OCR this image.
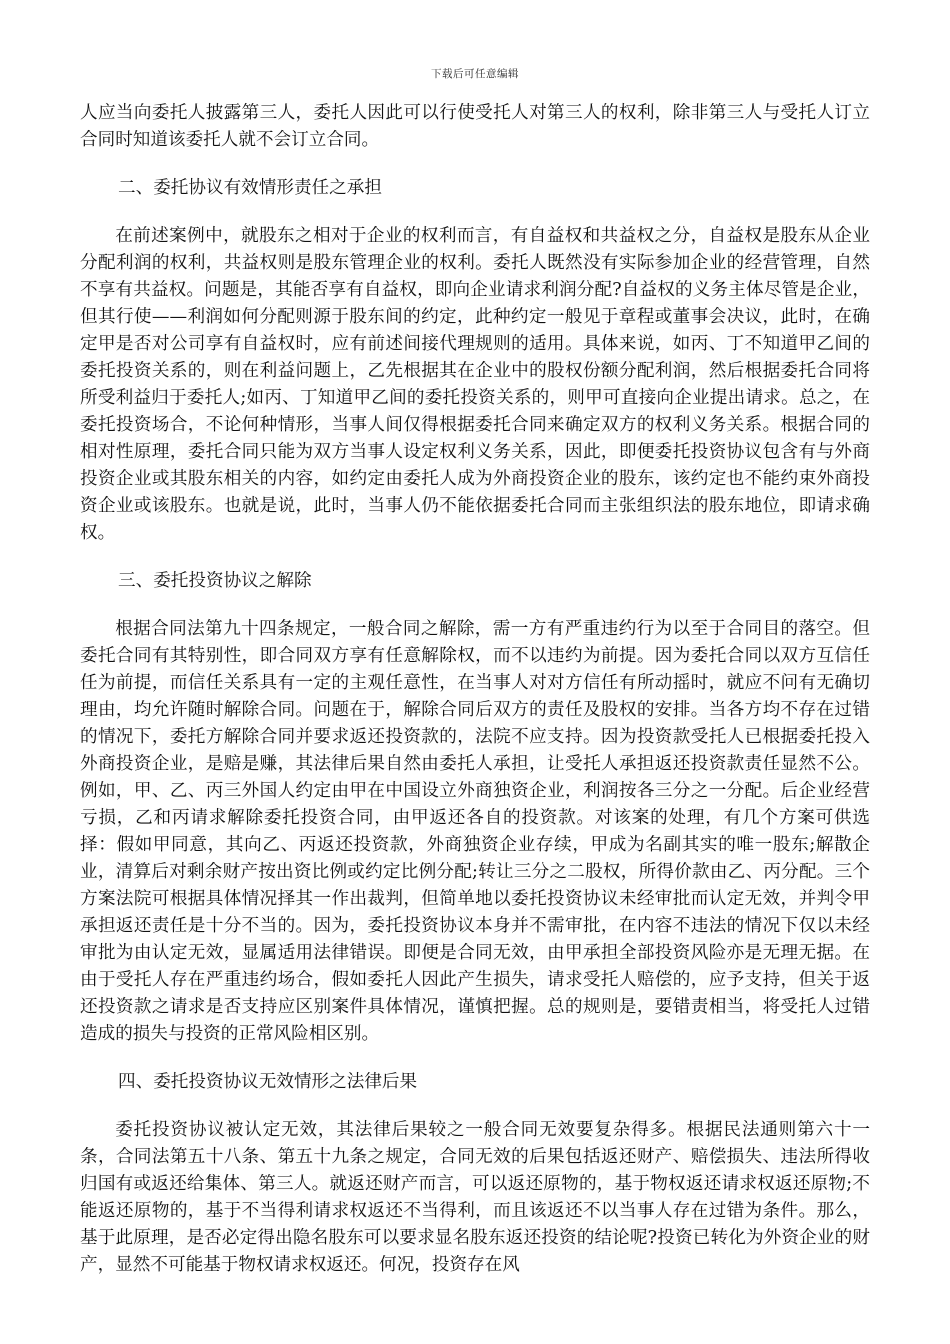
下载后可任意编辑

人应当向委托人披露第三人，委托人因此可以行使受托人对第三人的权利，除非第三人与受托人订立合同时知道该委托人就不会订立合同。

二、委托协议有效情形责任之承担

在前述案例中，就股东之相对于企业的权利而言，有自益权和共益权之分，自益权是股东从企业分配利润的权利，共益权则是股东管理企业的权利。委托人既然没有实际参加企业的经营管理，自然不享有共益权。问题是，其能否享有自益权，即向企业请求利润分配?自益权的义务主体尽管是企业，但其行使——利润如何分配则源于股东间的约定，此种约定一般见于章程或董事会决议，此时，在确定甲是否对公司享有自益权时，应有前述间接代理规则的适用。具体来说，如丙、丁不知道甲乙间的委托投资关系的，则在利益问题上，乙先根据其在企业中的股权份额分配利润，然后根据委托合同将所受利益归于委托人;如丙、丁知道甲乙间的委托投资关系的，则甲可直接向企业提出请求。总之，在委托投资场合，不论何种情形，当事人间仅得根据委托合同来确定双方的权利义务关系。根据合同的相对性原理，委托合同只能为双方当事人设定权利义务关系，因此，即便委托投资协议包含有与外商投资企业或其股东相关的内容，如约定由委托人成为外商投资企业的股东，该约定也不能约束外商投资企业或该股东。也就是说，此时，当事人仍不能依据委托合同而主张组织法的股东地位，即请求确权。

三、委托投资协议之解除

根据合同法第九十四条规定，一般合同之解除，需一方有严重违约行为以至于合同目的落空。但委托合同有其特别性，即合同双方享有任意解除权，而不以违约为前提。因为委托合同以双方互信任任为前提，而信任关系具有一定的主观任意性，在当事人对对方信任有所动摇时，就应不问有无确切理由，均允许随时解除合同。问题在于，解除合同后双方的责任及股权的安排。当各方均不存在过错的情况下，委托方解除合同并要求返还投资款的，法院不应支持。因为投资款受托人已根据委托投入外商投资企业，是赔是赚，其法律后果自然由委托人承担，让受托人承担返还投资款责任显然不公。例如，甲、乙、丙三外国人约定由甲在中国设立外商独资企业，利润按各三分之一分配。后企业经营亏损，乙和丙请求解除委托投资合同，由甲返还各自的投资款。对该案的处理，有几个方案可供选择：假如甲同意，其向乙、丙返还投资款，外商独资企业存续，甲成为名副其实的唯一股东;解散企业，清算后对剩余财产按出资比例或约定比例分配;转让三分之二股权，所得价款由乙、丙分配。三个方案法院可根据具体情况择其一作出裁判，但简单地以委托投资协议未经审批而认定无效，并判令甲承担返还责任是十分不当的。因为，委托投资协议本身并不需审批，在内容不违法的情况下仅以未经审批为由认定无效，显属适用法律错误。即便是合同无效，由甲承担全部投资风险亦是无理无据。在由于受托人存在严重违约场合，假如委托人因此产生损失，请求受托人赔偿的，应予支持，但关于返还投资款之请求是否支持应区别案件具体情况，谨慎把握。总的规则是，要错责相当，将受托人过错造成的损失与投资的正常风险相区别。

四、委托投资协议无效情形之法律后果

委托投资协议被认定无效，其法律后果较之一般合同无效要复杂得多。根据民法通则第六十一条，合同法第五十八条、第五十九条之规定，合同无效的后果包括返还财产、赔偿损失、违法所得收归国有或返还给集体、第三人。就返还财产而言，可以返还原物的，基于物权返还请求权返还原物;不能返还原物的，基于不当得利请求权返还不当得利，而且该返还不以当事人存在过错为条件。那么，基于此原理，是否必定得出隐名股东可以要求显名股东返还投资的结论呢?投资已转化为外资企业的财产，显然不可能基于物权请求权返还。何况，投资存在风
